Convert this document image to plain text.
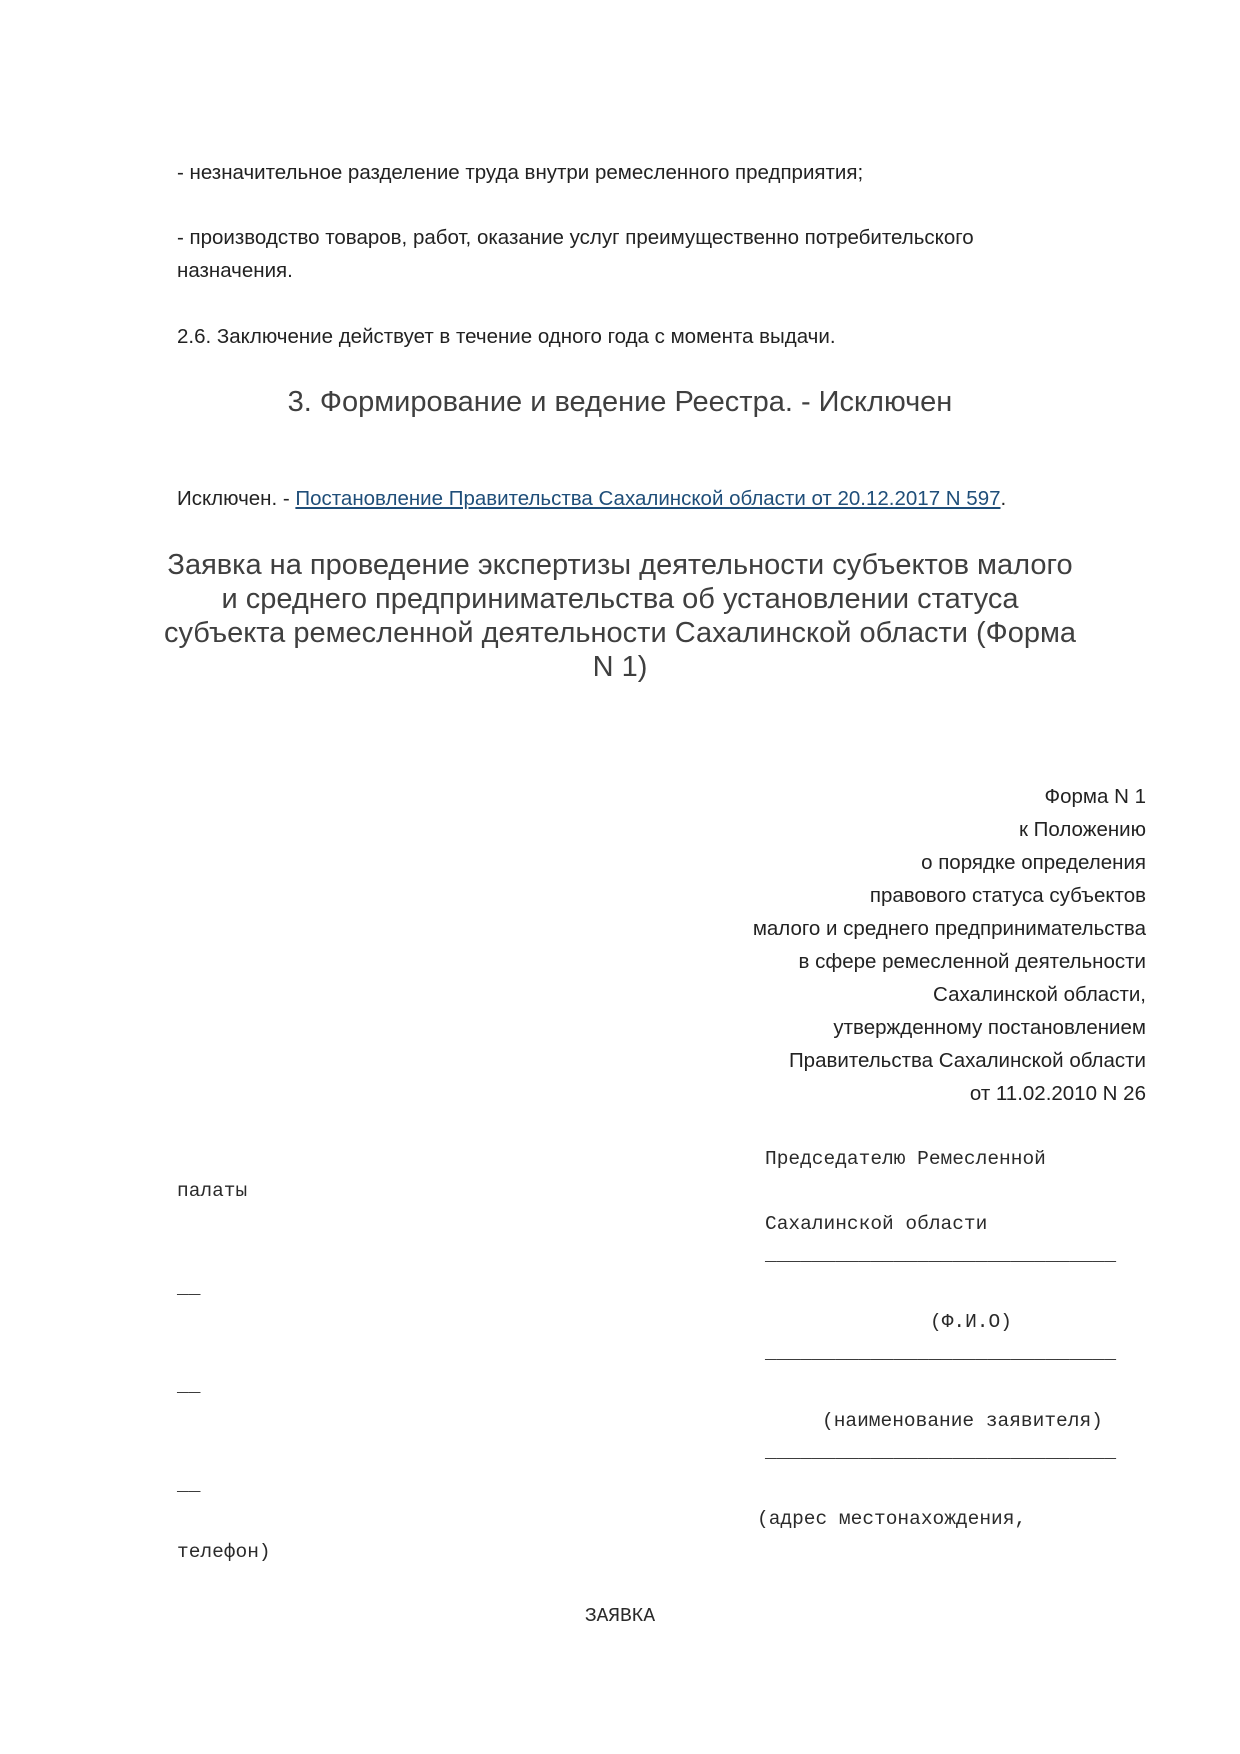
- незначительное разделение труда внутри ремесленного предприятия;

- производство товаров, работ, оказание услуг преимущественно потребительского

назначения.

2.6. Заключение действует в течение одного года с момента выдачи.

3. Формирование и ведение Реестра. - Исключен

Исключен. - Постановление Правительства Сахалинской области от 20.12.2017 N 597.

Заявка на проведение экспертизы деятельности субъектов малого
и среднего предпринимательства об установлении статуса
субъекта ремесленной деятельности Сахалинской области (Форма
N 1)
Форма N 1
к Положению
о порядке определения
правового статуса субъектов
малого и среднего предпринимательства
в сфере ремесленной деятельности
Сахалинской области,
утвержденному постановлением
Правительства Сахалинской области
от 11.02.2010 N 26

Председателю Ремесленной

палаты

Сахалинской области

______________________________

__

(Ф.И.О)

______________________________

__

(наименование заявителя)

______________________________

__

(адрес местонахождения,

телефон)

ЗАЯВКА
